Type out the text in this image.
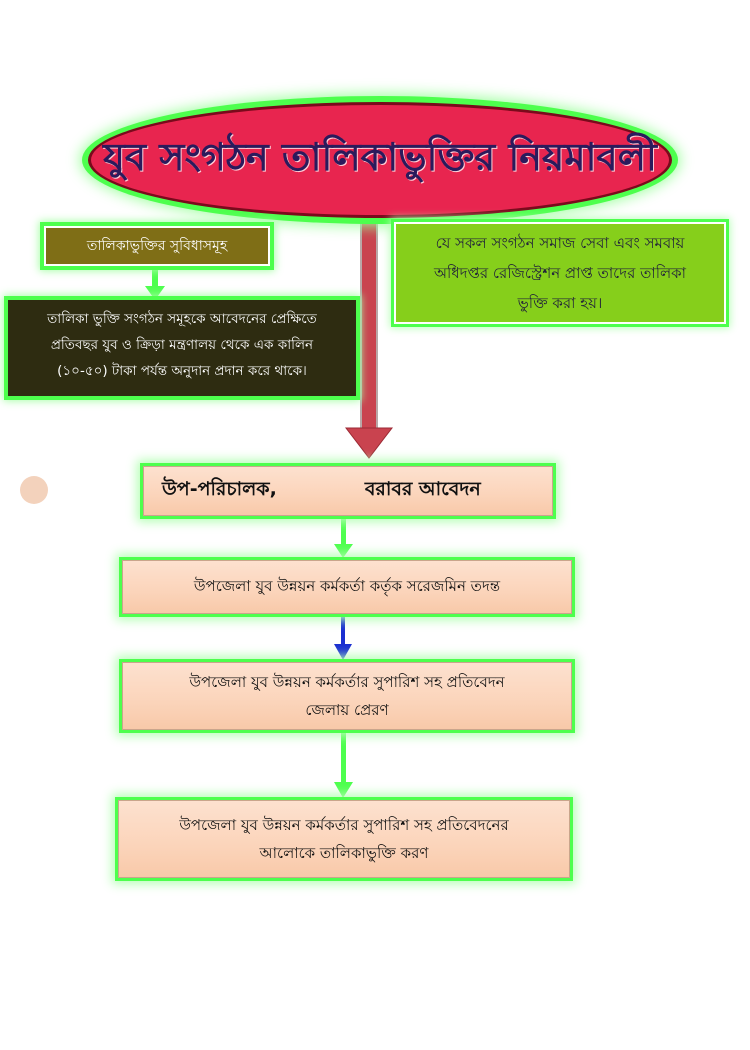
যুব সংগঠন তালিকাভুক্তির নিয়মাবলী
তালিকাভুক্তির সুবিধাসমূহ
তালিকা ভুক্তি সংগঠন সমূহকে আবেদনের প্রেক্ষিতে
প্রতিবছর যুব ও ক্রিড়া মন্ত্রণালয় থেকে এক কালিন
(১০-৫০) টাকা পর্যন্ত অনুদান প্রদান করে থাকে।
যে সকল সংগঠন সমাজ সেবা এবং সমবায়
অধিদপ্তর রেজিস্ট্রেশন প্রাপ্ত তাদের তালিকা
ভুক্তি করা হয়।
উপ-পরিচালক,	বরাবর আবেদন
উপজেলা যুব উন্নয়ন কর্মকর্তা কর্তৃক সরেজমিন তদন্ত
উপজেলা যুব উন্নয়ন কর্মকর্তার সুপারিশ সহ প্রতিবেদন
জেলায় প্রেরণ
উপজেলা যুব উন্নয়ন কর্মকর্তার সুপারিশ সহ প্রতিবেদনের
আলোকে তালিকাভুক্তি করণ
